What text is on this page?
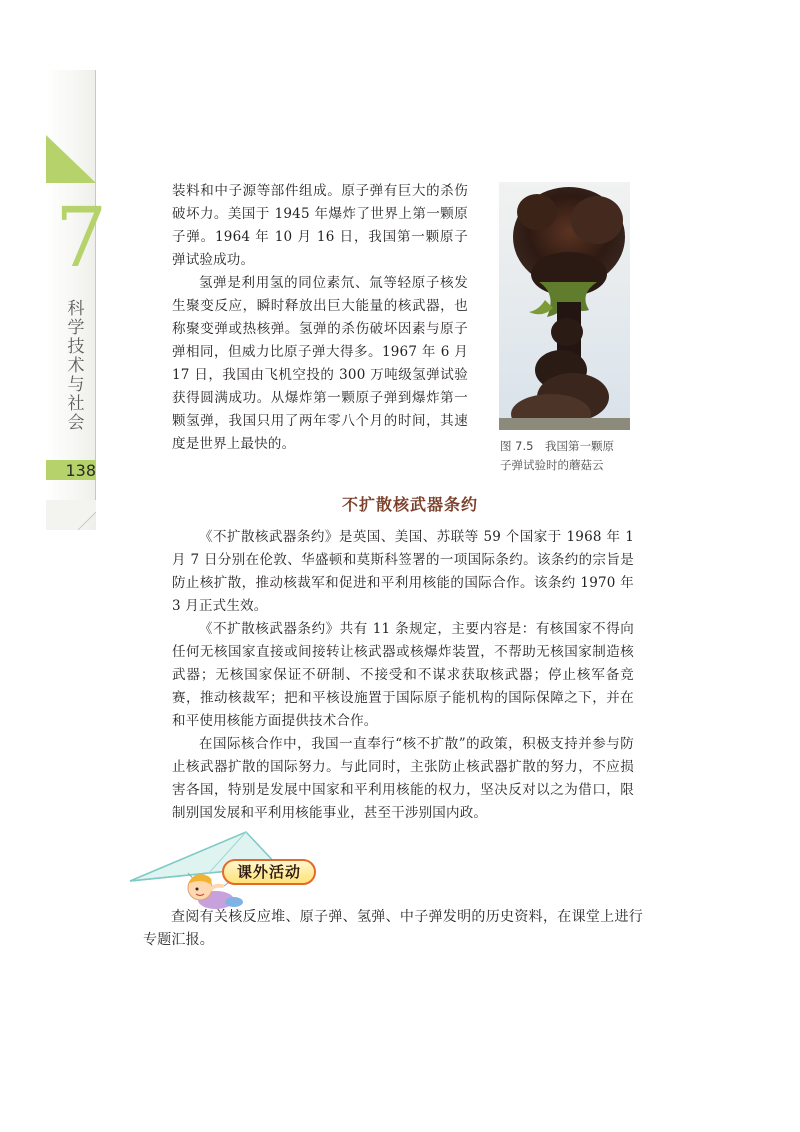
7
科学技术与社会
138

装料和中子源等部件组成。原子弹有巨大的杀伤破坏力。美国于 1945 年爆炸了世界上第一颗原子弹。1964 年 10 月 16 日，我国第一颗原子弹试验成功。

氢弹是利用氢的同位素氘、氚等轻原子核发生聚变反应，瞬时释放出巨大能量的核武器，也称聚变弹或热核弹。氢弹的杀伤破坏因素与原子弹相同，但威力比原子弹大得多。1967 年 6 月 17 日，我国由飞机空投的 300 万吨级氢弹试验获得圆满成功。从爆炸第一颗原子弹到爆炸第一颗氢弹，我国只用了两年零八个月的时间，其速度是世界上最快的。	图 7.5　我国第一颗原
子弹试验时的蘑菇云
不扩散核武器条约

《不扩散核武器条约》是英国、美国、苏联等 59 个国家于 1968 年 1 月 7 日分别在伦敦、华盛顿和莫斯科签署的一项国际条约。该条约的宗旨是防止核扩散，推动核裁军和促进和平利用核能的国际合作。该条约 1970 年 3 月正式生效。

《不扩散核武器条约》共有 11 条规定，主要内容是：有核国家不得向任何无核国家直接或间接转让核武器或核爆炸装置，不帮助无核国家制造核武器；无核国家保证不研制、不接受和不谋求获取核武器；停止核军备竞赛，推动核裁军；把和平核设施置于国际原子能机构的国际保障之下，并在和平使用核能方面提供技术合作。

在国际核合作中，我国一直奉行“核不扩散”的政策，积极支持并参与防止核武器扩散的国际努力。与此同时，主张防止核武器扩散的努力，不应损害各国，特别是发展中国家和平利用核能的权力，坚决反对以之为借口，限制别国发展和平利用核能事业，甚至干涉别国内政。

课外活动

查阅有关核反应堆、原子弹、氢弹、中子弹发明的历史资料，在课堂上进行专题汇报。
